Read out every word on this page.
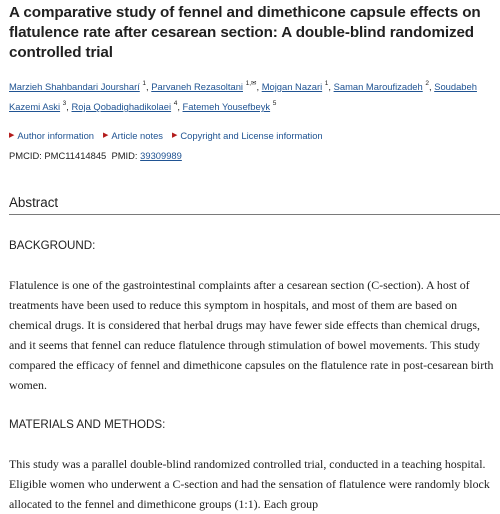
A comparative study of fennel and dimethicone capsule effects on flatulence rate after cesarean section: A double-blind randomized controlled trial
Marzieh Shahbandari Joursharí $^1$, Parvaneh Rezasoltani $^{1,✉}$, Mojgan Nazari $^1$, Saman Maroufizadeh $^2$, Soudabeh Kazemi Aski $^3$, Roja Qobadighadikolaei $^4$, Fatemeh Yousefbeyk $^5$
▶ Author information ▶ Article notes ▶ Copyright and License information
PMCID: PMC11414845 PMID: 39309989
Abstract
BACKGROUND:

Flatulence is one of the gastrointestinal complaints after a cesarean section (C-section). A host of treatments have been used to reduce this symptom in hospitals, and most of them are based on chemical drugs. It is considered that herbal drugs may have fewer side effects than chemical drugs, and it seems that fennel can reduce flatulence through stimulation of bowel movements. This study compared the efficacy of fennel and dimethicone capsules on the flatulence rate in post-cesarean birth women.

MATERIALS AND METHODS:

This study was a parallel double-blind randomized controlled trial, conducted in a teaching hospital. Eligible women who underwent a C-section and had the sensation of flatulence were randomly block allocated to the fennel and dimethicone groups (1:1). Each group
